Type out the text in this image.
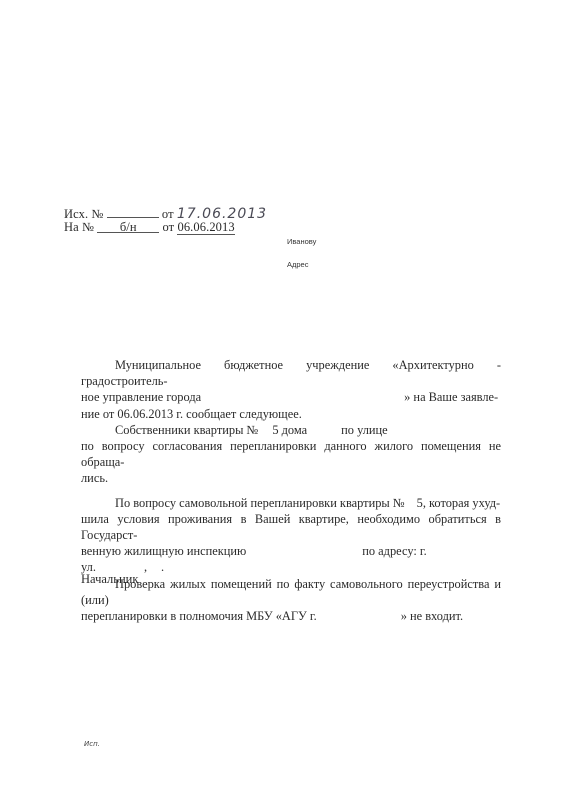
Исх. №	от 17.06.2013
На № б/н от 06.06.2013
Иванову
Адрес

Муниципальное бюджетное учреждение «Архитектурно - градостроитель-

ное управление города	» на Ваше заявле-

ние от 06.06.2013 г. сообщает следующее.

Собственники квартиры № 5 дома	по улице

по вопросу согласования перепланировки данного жилого помещения не обраща-

лись.

По вопросу самовольной перепланировки квартиры № 5, которая ухуд-

шила условия проживания в Вашей квартире, необходимо обратиться в Государст-

венную жилищную инспекцию	по адресу: г.

ул.	, .

Проверка жилых помещений по факту самовольного переустройства и (или)

перепланировки в полномочия МБУ «АГУ г.	» не входит.

Начальник
Исп.
